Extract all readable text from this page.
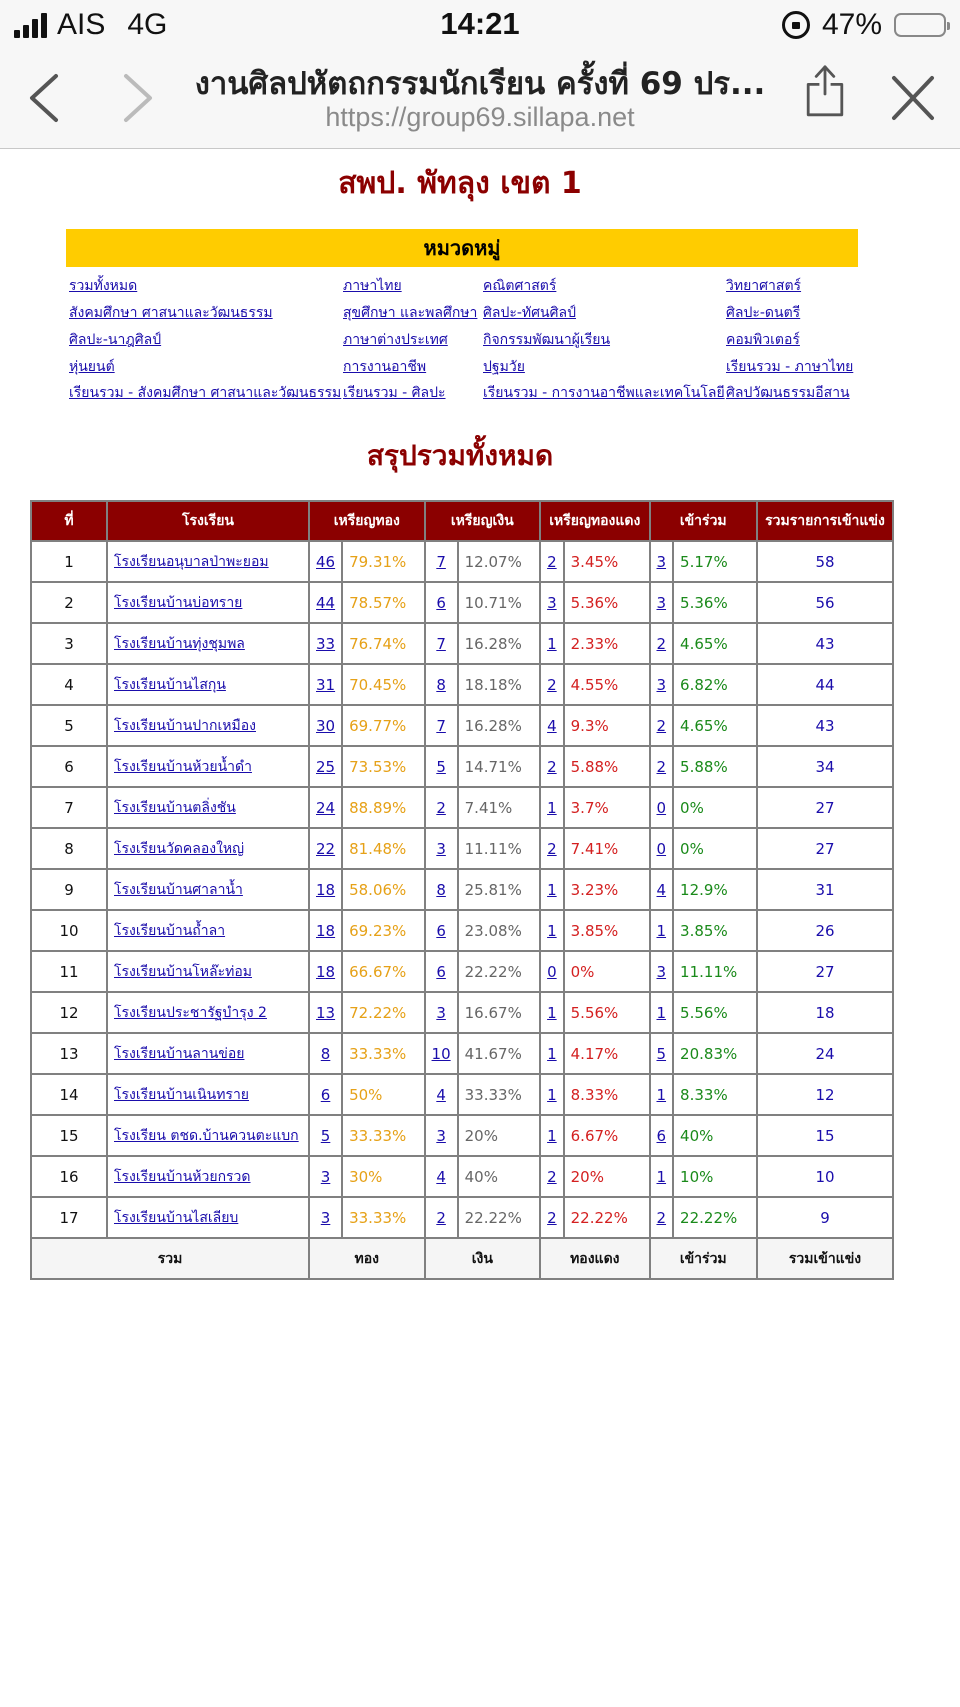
AIS 4G	14:21	47%
งานศิลปหัตถกรรมนักเรียน ครั้งที่ 69 ปร...
https://group69.sillapa.net
สพป. พัทลุง เขต 1
หมวดหมู่
รวมทั้งหมด
สังคมศึกษา ศาสนาและวัฒนธรรม
ศิลปะ-นาฎศิลป์
หุ่นยนต์
เรียนรวม - สังคมศึกษา ศาสนาและวัฒนธรรม
ภาษาไทย
สุขศึกษา และพลศึกษา
ภาษาต่างประเทศ
การงานอาชีพ
เรียนรวม - ศิลปะ
คณิตศาสตร์
ศิลปะ-ทัศนศิลป์
กิจกรรมพัฒนาผู้เรียน
ปฐมวัย
เรียนรวม - การงานอาชีพและเทคโนโลยี
วิทยาศาสตร์
ศิลปะ-ดนตรี
คอมพิวเตอร์
เรียนรวม - ภาษาไทย
ศิลปวัฒนธรรมอีสาน
สรุปรวมทั้งหมด
ที่	โรงเรียน	เหรียญทอง		เหรียญเงิน		เหรียญทองแดง		เข้าร่วม		รวมรายการเข้าแข่ง
1	โรงเรียนอนุบาลป่าพะยอม	46	79.31%	7	12.07%	2	3.45%	3	5.17%	58
2	โรงเรียนบ้านบ่อทราย	44	78.57%	6	10.71%	3	5.36%	3	5.36%	56
3	โรงเรียนบ้านทุ่งชุมพล	33	76.74%	7	16.28%	1	2.33%	2	4.65%	43
4	โรงเรียนบ้านไสกุน	31	70.45%	8	18.18%	2	4.55%	3	6.82%	44
5	โรงเรียนบ้านปากเหมือง	30	69.77%	7	16.28%	4	9.3%	2	4.65%	43
6	โรงเรียนบ้านห้วยน้ำดำ	25	73.53%	5	14.71%	2	5.88%	2	5.88%	34
7	โรงเรียนบ้านตลิ่งชัน	24	88.89%	2	7.41%	1	3.7%	0	0%	27
8	โรงเรียนวัดคลองใหญ่	22	81.48%	3	11.11%	2	7.41%	0	0%	27
9	โรงเรียนบ้านศาลาน้ำ	18	58.06%	8	25.81%	1	3.23%	4	12.9%	31
10	โรงเรียนบ้านถ้ำลา	18	69.23%	6	23.08%	1	3.85%	1	3.85%	26
11	โรงเรียนบ้านโหล๊ะท่อม	18	66.67%	6	22.22%	0	0%	3	11.11%	27
12	โรงเรียนประชารัฐบำรุง 2	13	72.22%	3	16.67%	1	5.56%	1	5.56%	18
13	โรงเรียนบ้านลานข่อย	8	33.33%	10	41.67%	1	4.17%	5	20.83%	24
14	โรงเรียนบ้านเนินทราย	6	50%	4	33.33%	1	8.33%	1	8.33%	12
15	โรงเรียน ตชด.บ้านควนตะแบก	5	33.33%	3	20%	1	6.67%	6	40%	15
16	โรงเรียนบ้านห้วยกรวด	3	30%	4	40%	2	20%	1	10%	10
17	โรงเรียนบ้านไสเลียบ	3	33.33%	2	22.22%	2	22.22%	2	22.22%	9
รวม		ทอง		เงิน		ทองแดง		เข้าร่วม		รวมเข้าแข่ง
